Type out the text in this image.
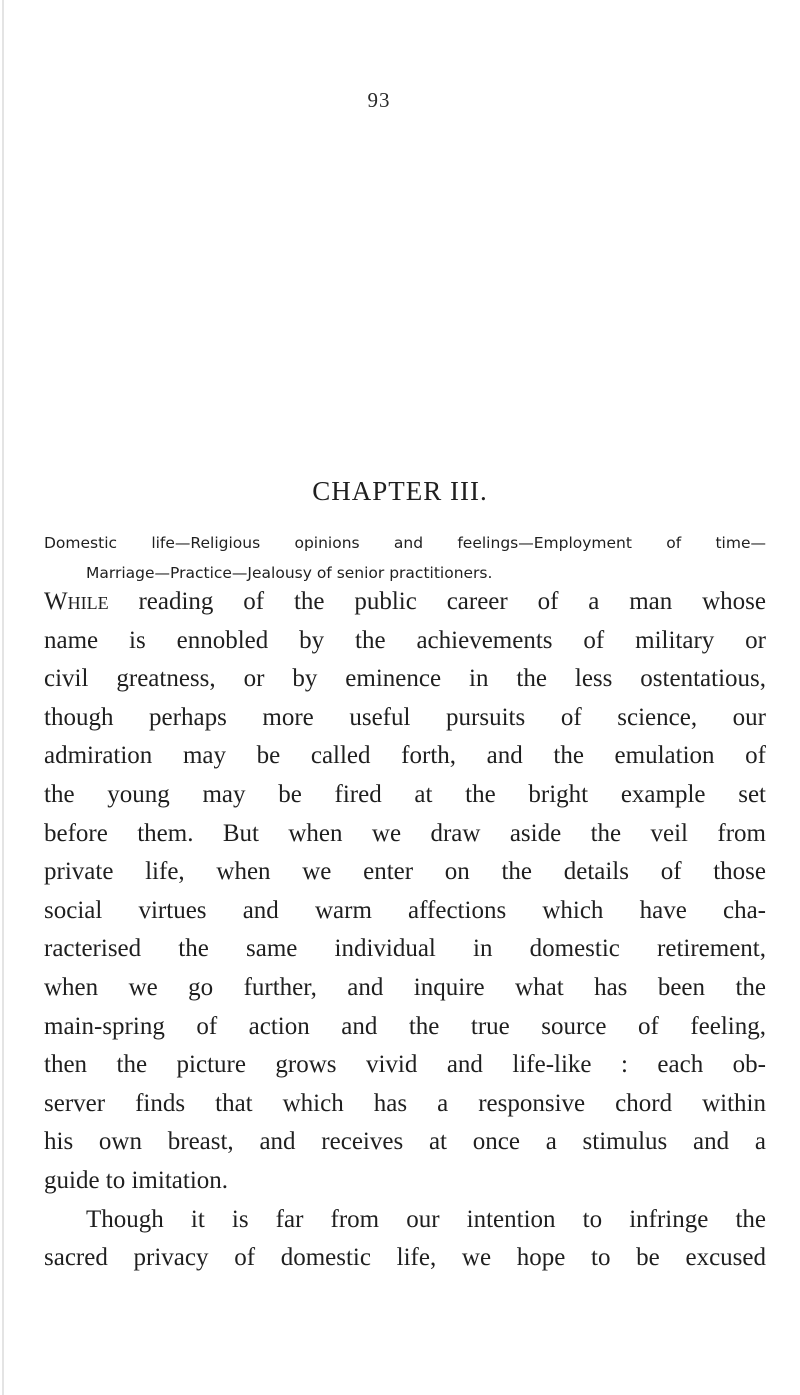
93
CHAPTER III.
Domestic life—Religious opinions and feelings—Employment of time—
Marriage—Practice—Jealousy of senior practitioners.
While reading of the public career of a man whose
name is ennobled by the achievements of military or
civil greatness, or by eminence in the less ostentatious,
though perhaps more useful pursuits of science, our
admiration may be called forth, and the emulation of
the young may be fired at the bright example set
before them. But when we draw aside the veil from
private life, when we enter on the details of those
social virtues and warm affections which have cha-
racterised the same individual in domestic retirement,
when we go further, and inquire what has been the
main-spring of action and the true source of feeling,
then the picture grows vivid and life-like : each ob-
server finds that which has a responsive chord within
his own breast, and receives at once a stimulus and a
guide to imitation.
Though it is far from our intention to infringe the
sacred privacy of domestic life, we hope to be excused
